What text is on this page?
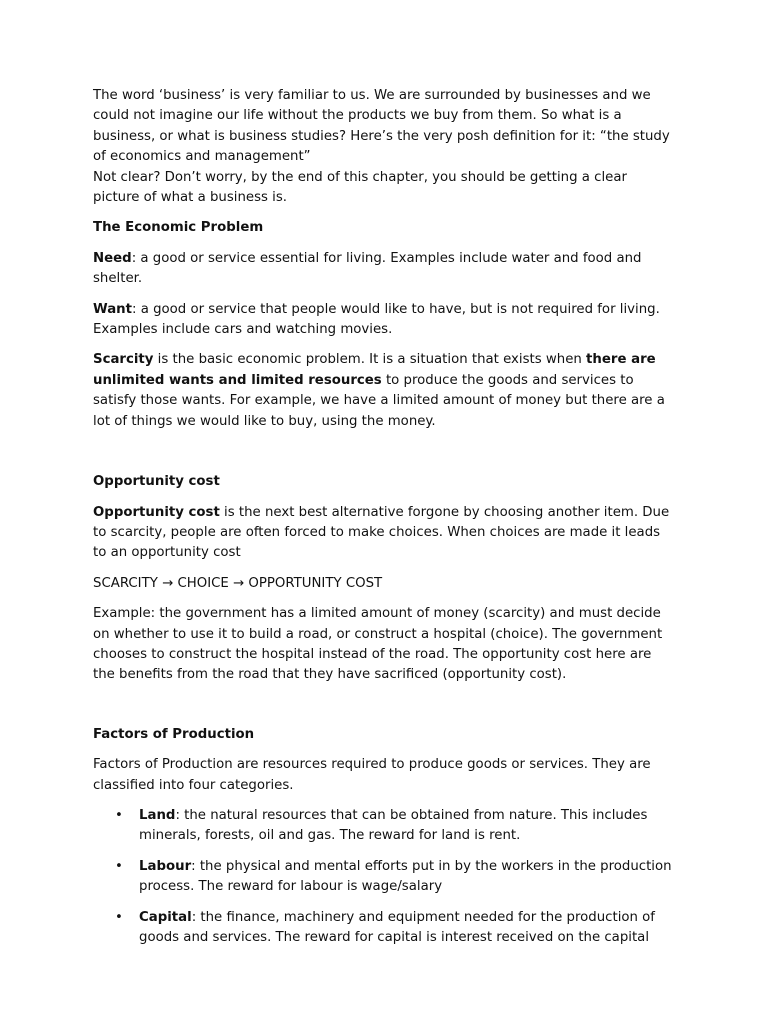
The word ‘business’ is very familiar to us. We are surrounded by businesses and we could not imagine our life without the products we buy from them. So what is a business, or what is business studies? Here’s the very posh definition for it: “the study of economics and management”

Not clear? Don’t worry, by the end of this chapter, you should be getting a clear picture of what a business is.

The Economic Problem

Need: a good or service essential for living. Examples include water and food and shelter.

Want: a good or service that people would like to have, but is not required for living. Examples include cars and watching movies.

Scarcity is the basic economic problem. It is a situation that exists when there are unlimited wants and limited resources to produce the goods and services to satisfy those wants. For example, we have a limited amount of money but there are a lot of things we would like to buy, using the money.

Opportunity cost

Opportunity cost is the next best alternative forgone by choosing another item. Due to scarcity, people are often forced to make choices. When choices are made it leads to an opportunity cost

SCARCITY → CHOICE → OPPORTUNITY COST

Example: the government has a limited amount of money (scarcity) and must decide on whether to use it to build a road, or construct a hospital (choice). The government chooses to construct the hospital instead of the road. The opportunity cost here are the benefits from the road that they have sacrificed (opportunity cost).

Factors of Production

Factors of Production are resources required to produce goods or services. They are classified into four categories.

• Land: the natural resources that can be obtained from nature. This includes minerals, forests, oil and gas. The reward for land is rent.
• Labour: the physical and mental efforts put in by the workers in the production process. The reward for labour is wage/salary
• Capital: the finance, machinery and equipment needed for the production of goods and services. The reward for capital is interest received on the capital
